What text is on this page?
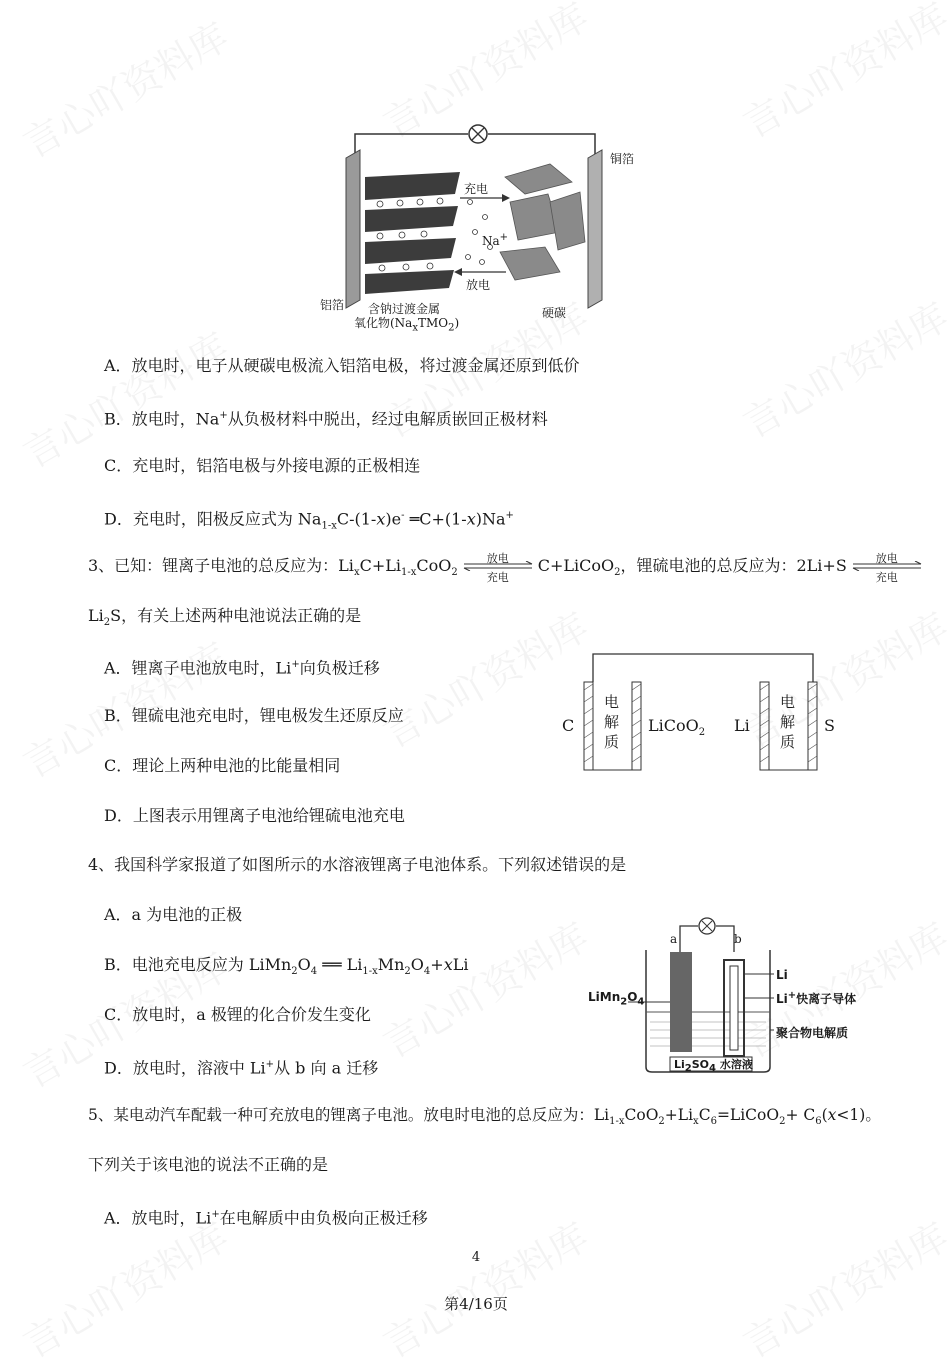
铜箔
充电
Na+
放电
铝箔 含钠过渡金属
氧化物$(Na_xTMO_2)$
硬碳
A．放电时，电子从硬碳电极流入铝箔电极，将过渡金属还原到低价
B．放电时，Na+从负极材料中脱出，经过电解质嵌回正极材料
C．充电时，铝箔电极与外接电源的正极相连
D．充电时，阳极反应式为 $Na_{1-x}C-(1-x)e^-$ ═C+(1-x)Na+
3、已知：锂离子电池的总反应为：$Li_xC+Li_{1-x}CoO_2$
放电
充电
C+LiCoO$_2$，锂硫电池的总反应为：2Li+S	放电
充电
$Li_2S$，有关上述两种电池说法正确的是
A．锂离子电池放电时，Li+向负极迁移
B．锂硫电池充电时，锂电极发生还原反应
C．理论上两种电池的比能量相同
D．上图表示用锂离子电池给锂硫电池充电
C
电
解
质
LiCoO$_2$ Li
电
解
质
S
4、我国科学家报道了如图所示的水溶液锂离子电池体系。下列叙述错误的是
A．a 为电池的正极
B．电池充电反应为 $LiMn_2O_4$ ══ $Li_{1-x}Mn_2O_4+xLi$
C．放电时，a 极锂的化合价发生变化
D．放电时，溶液中 Li+从 b 向 a 迁移
a	b
$LiMn_2O_4$
Li
Li+快离子导体
聚合物电解质
$Li_2SO_4$ 水溶液
5、某电动汽车配载一种可充放电的锂离子电池。放电时电池的总反应为：$Li_{1-x}CoO_2+Li_xC_6=LiCoO_2+ C_6(x<1)$。
下列关于该电池的说法不正确的是
A．放电时，Li+在电解质中由负极向正极迁移
4
第4/16页
